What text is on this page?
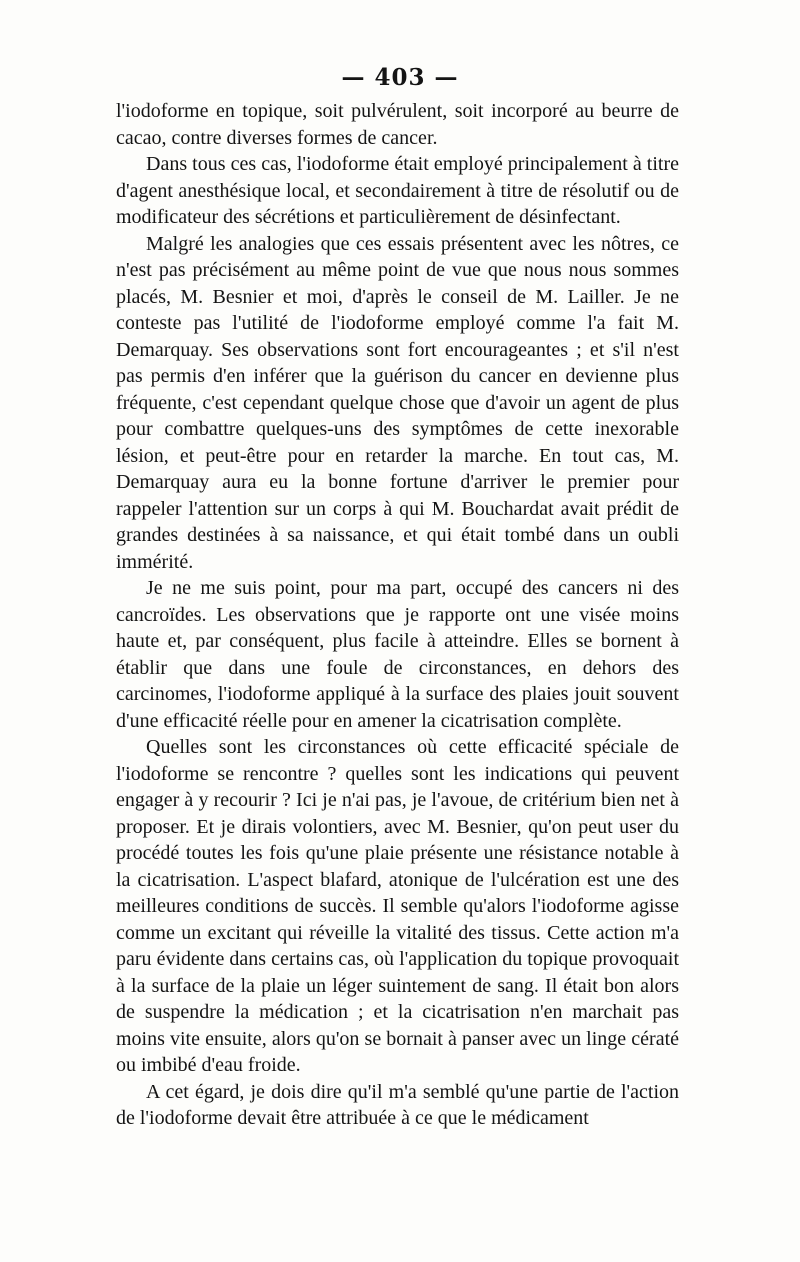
— 403 —

l'iodoforme en topique, soit pulvérulent, soit incorporé au beurre de cacao, contre diverses formes de cancer.

Dans tous ces cas, l'iodoforme était employé principalement à titre d'agent anesthésique local, et secondairement à titre de résolutif ou de modificateur des sécrétions et particulièrement de désinfectant.

Malgré les analogies que ces essais présentent avec les nôtres, ce n'est pas précisément au même point de vue que nous nous sommes placés, M. Besnier et moi, d'après le conseil de M. Lailler. Je ne conteste pas l'utilité de l'iodoforme employé comme l'a fait M. Demarquay. Ses observations sont fort encourageantes ; et s'il n'est pas permis d'en inférer que la guérison du cancer en devienne plus fréquente, c'est cependant quelque chose que d'avoir un agent de plus pour combattre quelques-uns des symptômes de cette inexorable lésion, et peut-être pour en retarder la marche. En tout cas, M. Demarquay aura eu la bonne fortune d'arriver le premier pour rappeler l'attention sur un corps à qui M. Bouchardat avait prédit de grandes destinées à sa naissance, et qui était tombé dans un oubli immérité.

Je ne me suis point, pour ma part, occupé des cancers ni des cancroïdes. Les observations que je rapporte ont une visée moins haute et, par conséquent, plus facile à atteindre. Elles se bornent à établir que dans une foule de circonstances, en dehors des carcinomes, l'iodoforme appliqué à la surface des plaies jouit souvent d'une efficacité réelle pour en amener la cicatrisation complète.

Quelles sont les circonstances où cette efficacité spéciale de l'iodoforme se rencontre ? quelles sont les indications qui peuvent engager à y recourir ? Ici je n'ai pas, je l'avoue, de critérium bien net à proposer. Et je dirais volontiers, avec M. Besnier, qu'on peut user du procédé toutes les fois qu'une plaie présente une résistance notable à la cicatrisation. L'aspect blafard, atonique de l'ulcération est une des meilleures conditions de succès. Il semble qu'alors l'iodoforme agisse comme un excitant qui réveille la vitalité des tissus. Cette action m'a paru évidente dans certains cas, où l'application du topique provoquait à la surface de la plaie un léger suintement de sang. Il était bon alors de suspendre la médication ; et la cicatrisation n'en marchait pas moins vite ensuite, alors qu'on se bornait à panser avec un linge cératé ou imbibé d'eau froide.

A cet égard, je dois dire qu'il m'a semblé qu'une partie de l'action de l'iodoforme devait être attribuée à ce que le médicament
